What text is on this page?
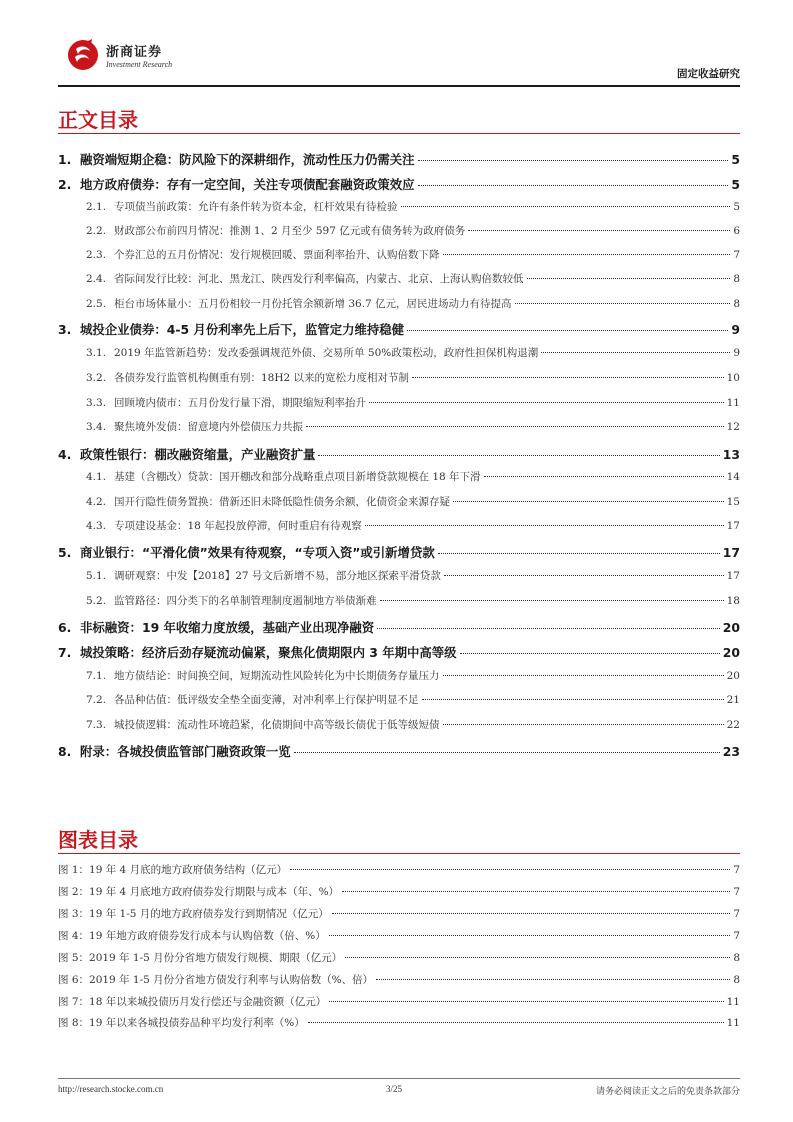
浙商证券
Investment Research
固定收益研究
正文目录
1. 融资端短期企稳：防风险下的深耕细作，流动性压力仍需关注	5
2. 地方政府债券：存有一定空间，关注专项债配套融资政策效应	5
2.1. 专项债当前政策：允许有条件转为资本金，杠杆效果有待检验	5
2.2. 财政部公布前四月情况：推测 1、2 月至少 597 亿元或有债务转为政府债务	6
2.3. 个券汇总的五月份情况：发行规模回暖、票面利率抬升、认购倍数下降	7
2.4. 省际间发行比较：河北、黑龙江、陕西发行利率偏高，内蒙古、北京、上海认购倍数较低	8
2.5. 柜台市场体量小：五月份相较一月份托管余额新增 36.7 亿元，居民进场动力有待提高	8
3. 城投企业债券：4-5 月份利率先上后下，监管定力维持稳健	9
3.1. 2019 年监管新趋势：发改委强调规范外债、交易所单 50%政策松动，政府性担保机构退潮	9
3.2. 各债券发行监管机构侧重有别：18H2 以来的宽松力度相对节制	10
3.3. 回顾境内债市：五月份发行量下滑，期限缩短利率抬升	11
3.4. 聚焦境外发债：留意境内外偿债压力共振	12
4. 政策性银行：棚改融资缩量，产业融资扩量	13
4.1. 基建（含棚改）贷款：国开棚改和部分战略重点项目新增贷款规模在 18 年下滑	14
4.2. 国开行隐性债务置换：借新还旧未降低隐性债务余额，化债资金来源存疑	15
4.3. 专项建设基金：18 年起投放停滞，何时重启有待观察	17
5. 商业银行：“平滑化债”效果有待观察，“专项入资”或引新增贷款	17
5.1. 调研观察：中发【2018】27 号文后新增不易，部分地区探索平滑贷款	17
5.2. 监管路径：四分类下的名单制管理制度遏制地方举债渐难	18
6. 非标融资：19 年收缩力度放缓，基础产业出现净融资	20
7. 城投策略：经济后劲存疑流动偏紧，聚焦化债期限内 3 年期中高等级	20
7.1. 地方债结论：时间换空间，短期流动性风险转化为中长期债务存量压力	20
7.2. 各品种估值：低评级安全垫全面变薄，对冲利率上行保护明显不足	21
7.3. 城投债逻辑：流动性环境趋紧，化债期间中高等级长债优于低等级短债	22
8. 附录：各城投债监管部门融资政策一览	23
图表目录
图 1：19 年 4 月底的地方政府债务结构（亿元）	7
图 2：19 年 4 月底地方政府债券发行期限与成本（年、%）	7
图 3：19 年 1-5 月的地方政府债券发行到期情况（亿元）	7
图 4：19 年地方政府债券发行成本与认购倍数（倍、%）	7
图 5：2019 年 1-5 月份分省地方债发行规模、期限（亿元）	8
图 6：2019 年 1-5 月份分省地方债发行利率与认购倍数（%、倍）	8
图 7：18 年以来城投债历月发行偿还与金融资额（亿元）	11
图 8：19 年以来各城投债券品种平均发行利率（%）	11
http://research.stocke.com.cn	3/25	请务必阅读正文之后的免责条款部分
